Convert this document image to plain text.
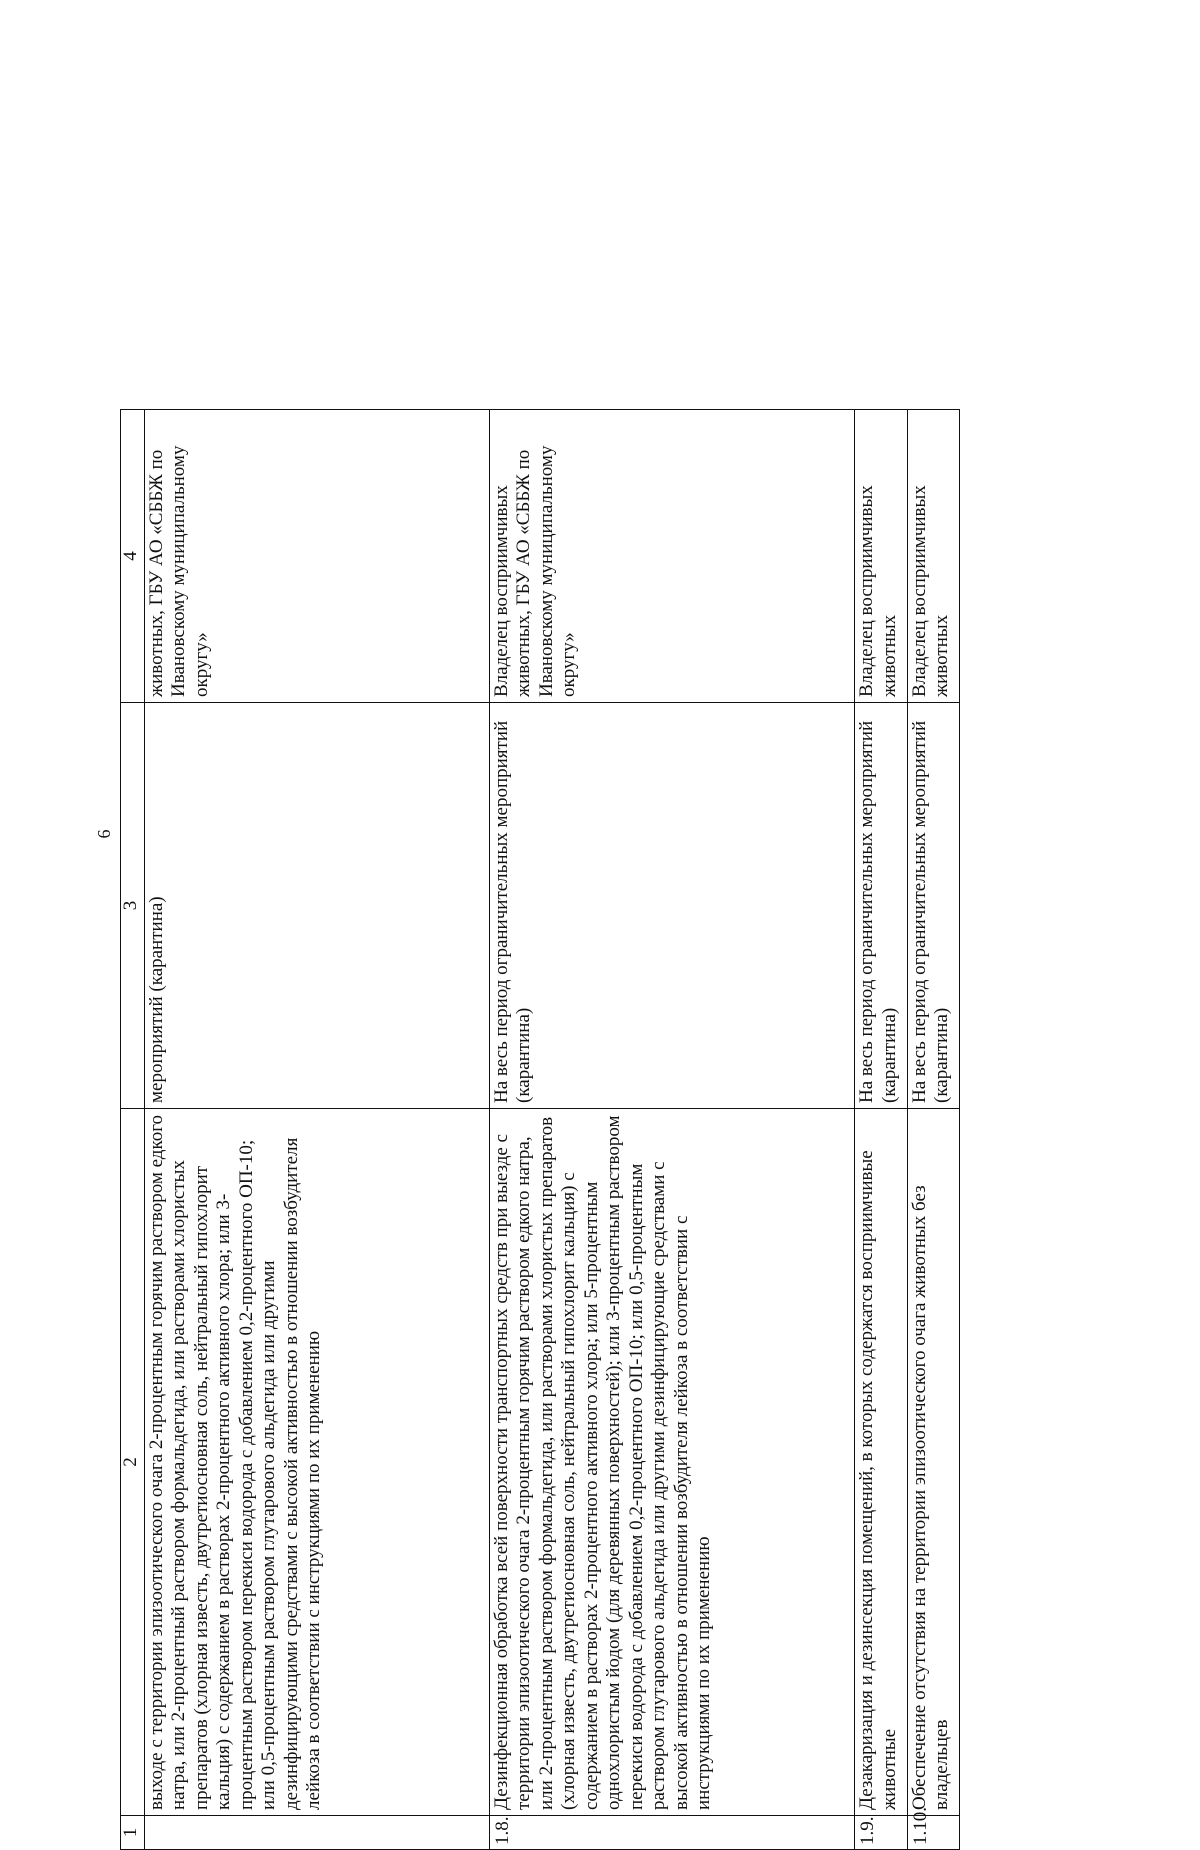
6
1	2	3	4
	выходе с территории эпизоотического очага 2-процентным горячим раствором едкого натра, или 2-процентный раствором формальдегида, или растворами хлористых препаратов (хлорная известь, двутретиосновная соль, нейтральный гипохлорит кальция) с содержанием в растворах 2-процентного активного хлора; или 3-процентным раствором перекиси водорода с добавлением 0,2-процентного ОП-10; или 0,5-процентным раствором глутарового альдегида или другими дезинфицирующими средствами с высокой активностью в отношении возбудителя лейкоза в соответствии с инструкциями по их применению	мероприятий (карантина)	животных, ГБУ АО «СББЖ по Ивановскому муниципальному округу»
1.8.	Дезинфекционная обработка всей поверхности транспортных средств при выезде с территории эпизоотического очага 2-процентным горячим раствором едкого натра, или 2-процентным раствором формальдегида, или растворами хлористых препаратов (хлорная известь, двутретиосновная соль, нейтральный гипохлорит кальция) с содержанием в растворах 2-процентного активного хлора; или 5-процентным однохлористым йодом (для деревянных поверхностей); или 3-процентным раствором перекиси водорода с добавлением 0,2-процентного ОП-10; или 0,5-процентным раствором глутарового альдегида или другими дезинфицирующие средствами с высокой активностью в отношении возбудителя лейкоза в соответствии с инструкциями по их применению	На весь период ограничительных мероприятий (карантина)	Владелец восприимчивых животных, ГБУ АО «СББЖ по Ивановскому муниципальному округу»
1.9.	Дезакаризация и дезинсекция помещений, в которых содержатся восприимчивые животные	На весь период ограничительных мероприятий (карантина)	Владелец восприимчивых животных
1.10.	Обеспечение отсутствия на территории эпизоотического очага животных без владельцев	На весь период ограничительных мероприятий (карантина)	Владелец восприимчивых животных
